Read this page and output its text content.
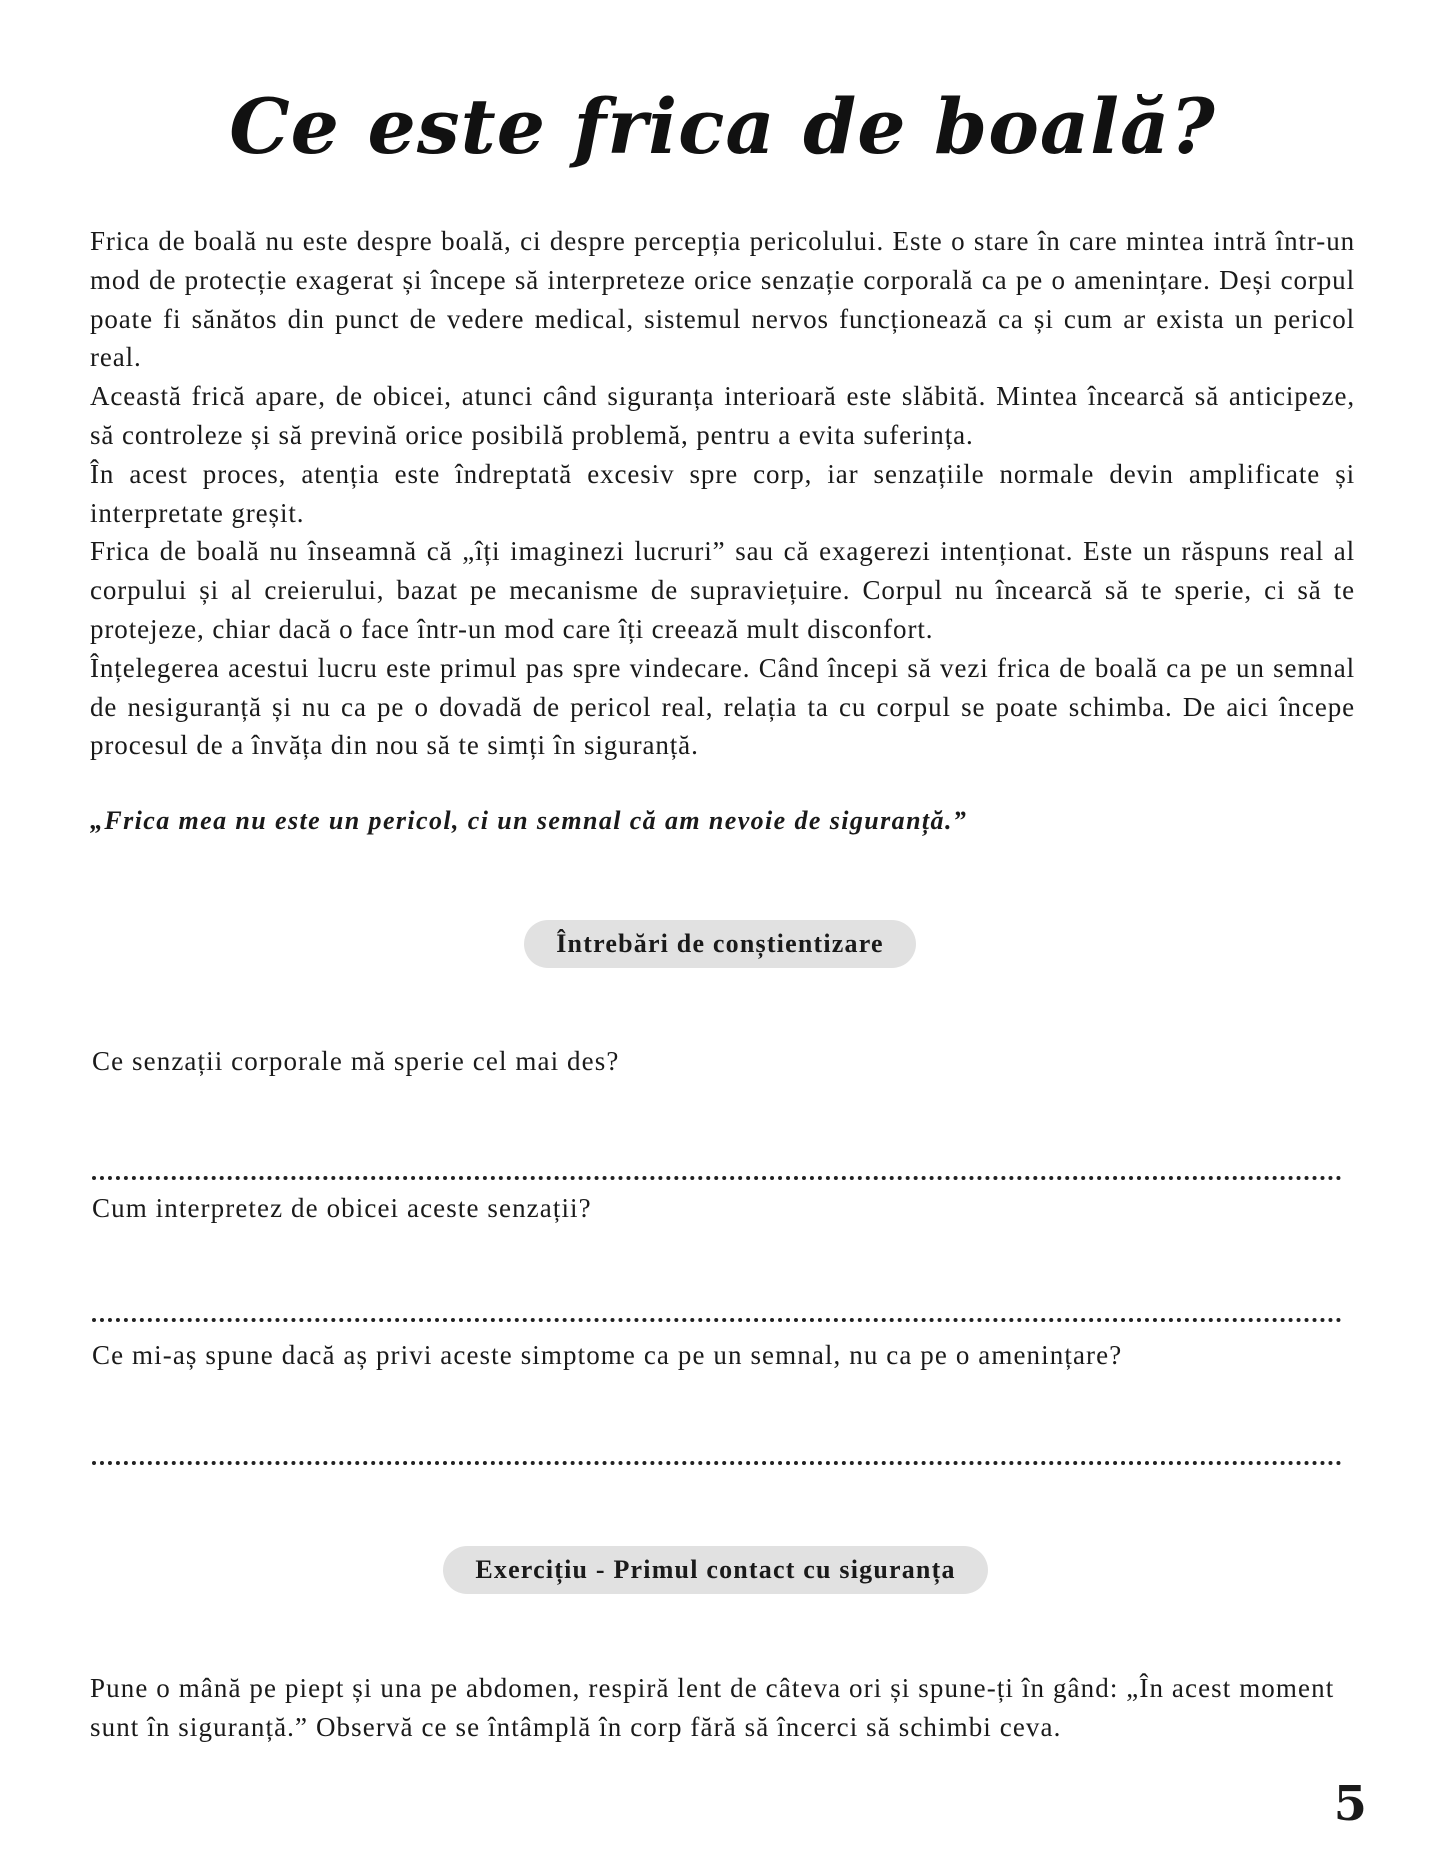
Ce este frica de boală?

Frica de boală nu este despre boală, ci despre percepția pericolului. Este o stare în care mintea intră într-un mod de protecție exagerat și începe să interpreteze orice senzație corporală ca pe o amenințare. Deși corpul poate fi sănătos din punct de vedere medical, sistemul nervos funcționează ca și cum ar exista un pericol real.

Această frică apare, de obicei, atunci când siguranța interioară este slăbită. Mintea încearcă să anticipeze, să controleze și să prevină orice posibilă problemă, pentru a evita suferința.

În acest proces, atenția este îndreptată excesiv spre corp, iar senzațiile normale devin amplificate și interpretate greșit.

Frica de boală nu înseamnă că „îți imaginezi lucruri” sau că exagerezi intenționat. Este un răspuns real al corpului și al creierului, bazat pe mecanisme de supraviețuire. Corpul nu încearcă să te sperie, ci să te protejeze, chiar dacă o face într-un mod care îți creează mult disconfort.

Înțelegerea acestui lucru este primul pas spre vindecare. Când începi să vezi frica de boală ca pe un semnal de nesiguranță și nu ca pe o dovadă de pericol real, relația ta cu corpul se poate schimba. De aici începe procesul de a învăța din nou să te simți în siguranță.

„Frica mea nu este un pericol, ci un semnal că am nevoie de siguranță.”

Întrebări de conștientizare

Ce senzații corporale mă sperie cel mai des?

Cum interpretez de obicei aceste senzații?

Ce mi-aș spune dacă aș privi aceste simptome ca pe un semnal, nu ca pe o amenințare?

Exercițiu - Primul contact cu siguranța

Pune o mână pe piept și una pe abdomen, respiră lent de câteva ori și spune-ți în gând: „În acest moment sunt în siguranță.” Observă ce se întâmplă în corp fără să încerci să schimbi ceva.

5
